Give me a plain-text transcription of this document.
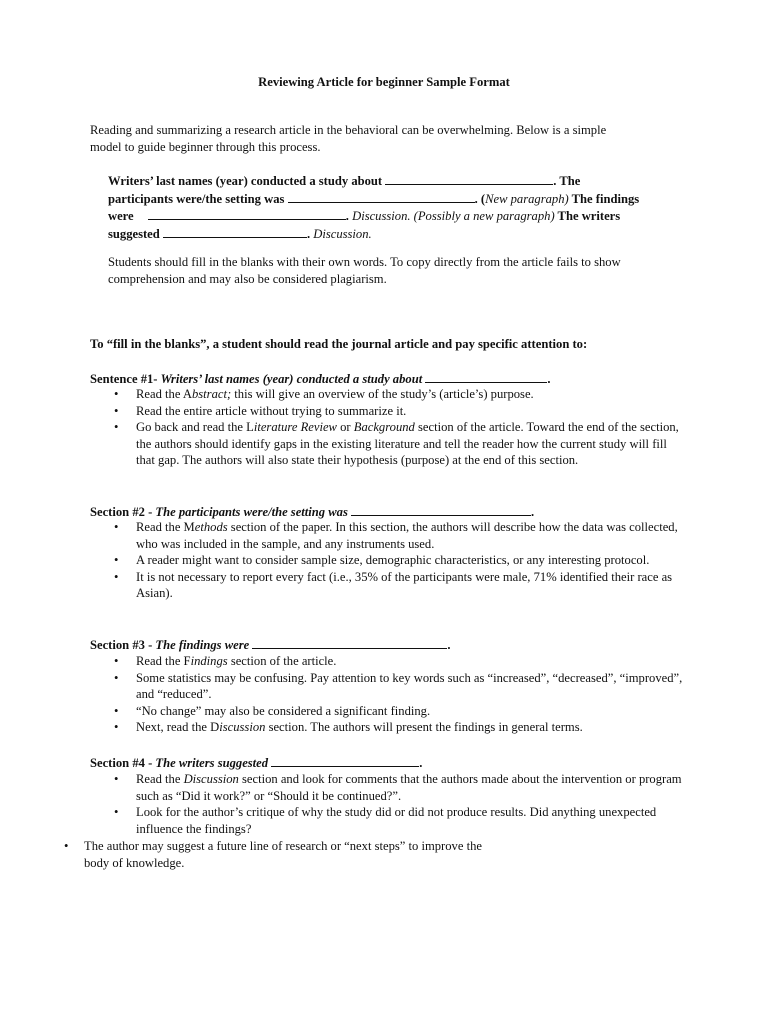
Reviewing Article for beginner Sample Format
Reading and summarizing a research article in the behavioral can be overwhelming. Below is a simple
model to guide beginner through this process.
Writers’ last names (year) conducted a study about	. The
participants were/the setting was	. (New paragraph) The findings
were	. Discussion. (Possibly a new paragraph) The writers
suggested	. Discussion.
Students should fill in the blanks with their own words. To copy directly from the article fails to show
comprehension and may also be considered plagiarism.
To “fill in the blanks”, a student should read the journal article and pay specific attention to:
Sentence #1- Writers’ last names (year) conducted a study about	.
• Read the Abstract; this will give an overview of the study’s (article’s) purpose.
• Read the entire article without trying to summarize it.
• Go back and read the Literature Review or Background section of the article. Toward the end of the section, the authors should identify gaps in the existing literature and tell the reader how the current study will fill that gap. The authors will also state their hypothesis (purpose) at the end of this section.
Section #2 - The participants were/the setting was	.
• Read the Methods section of the paper. In this section, the authors will describe how the data was collected, who was included in the sample, and any instruments used.
• A reader might want to consider sample size, demographic characteristics, or any interesting protocol.
• It is not necessary to report every fact (i.e., 35% of the participants were male, 71% identified their race as Asian).
Section #3 - The findings were	.
• Read the Findings section of the article.
• Some statistics may be confusing. Pay attention to key words such as “increased”, “decreased”, “improved”, and “reduced”.
• “No change” may also be considered a significant finding.
• Next, read the Discussion section. The authors will present the findings in general terms.
Section #4 - The writers suggested	.
• Read the Discussion section and look for comments that the authors made about the intervention or program such as “Did it work?” or “Should it be continued?”.
• Look for the author’s critique of why the study did or did not produce results. Did anything unexpected influence the findings?
•	The author may suggest a future line of research or “next steps” to improve the
body of knowledge.
